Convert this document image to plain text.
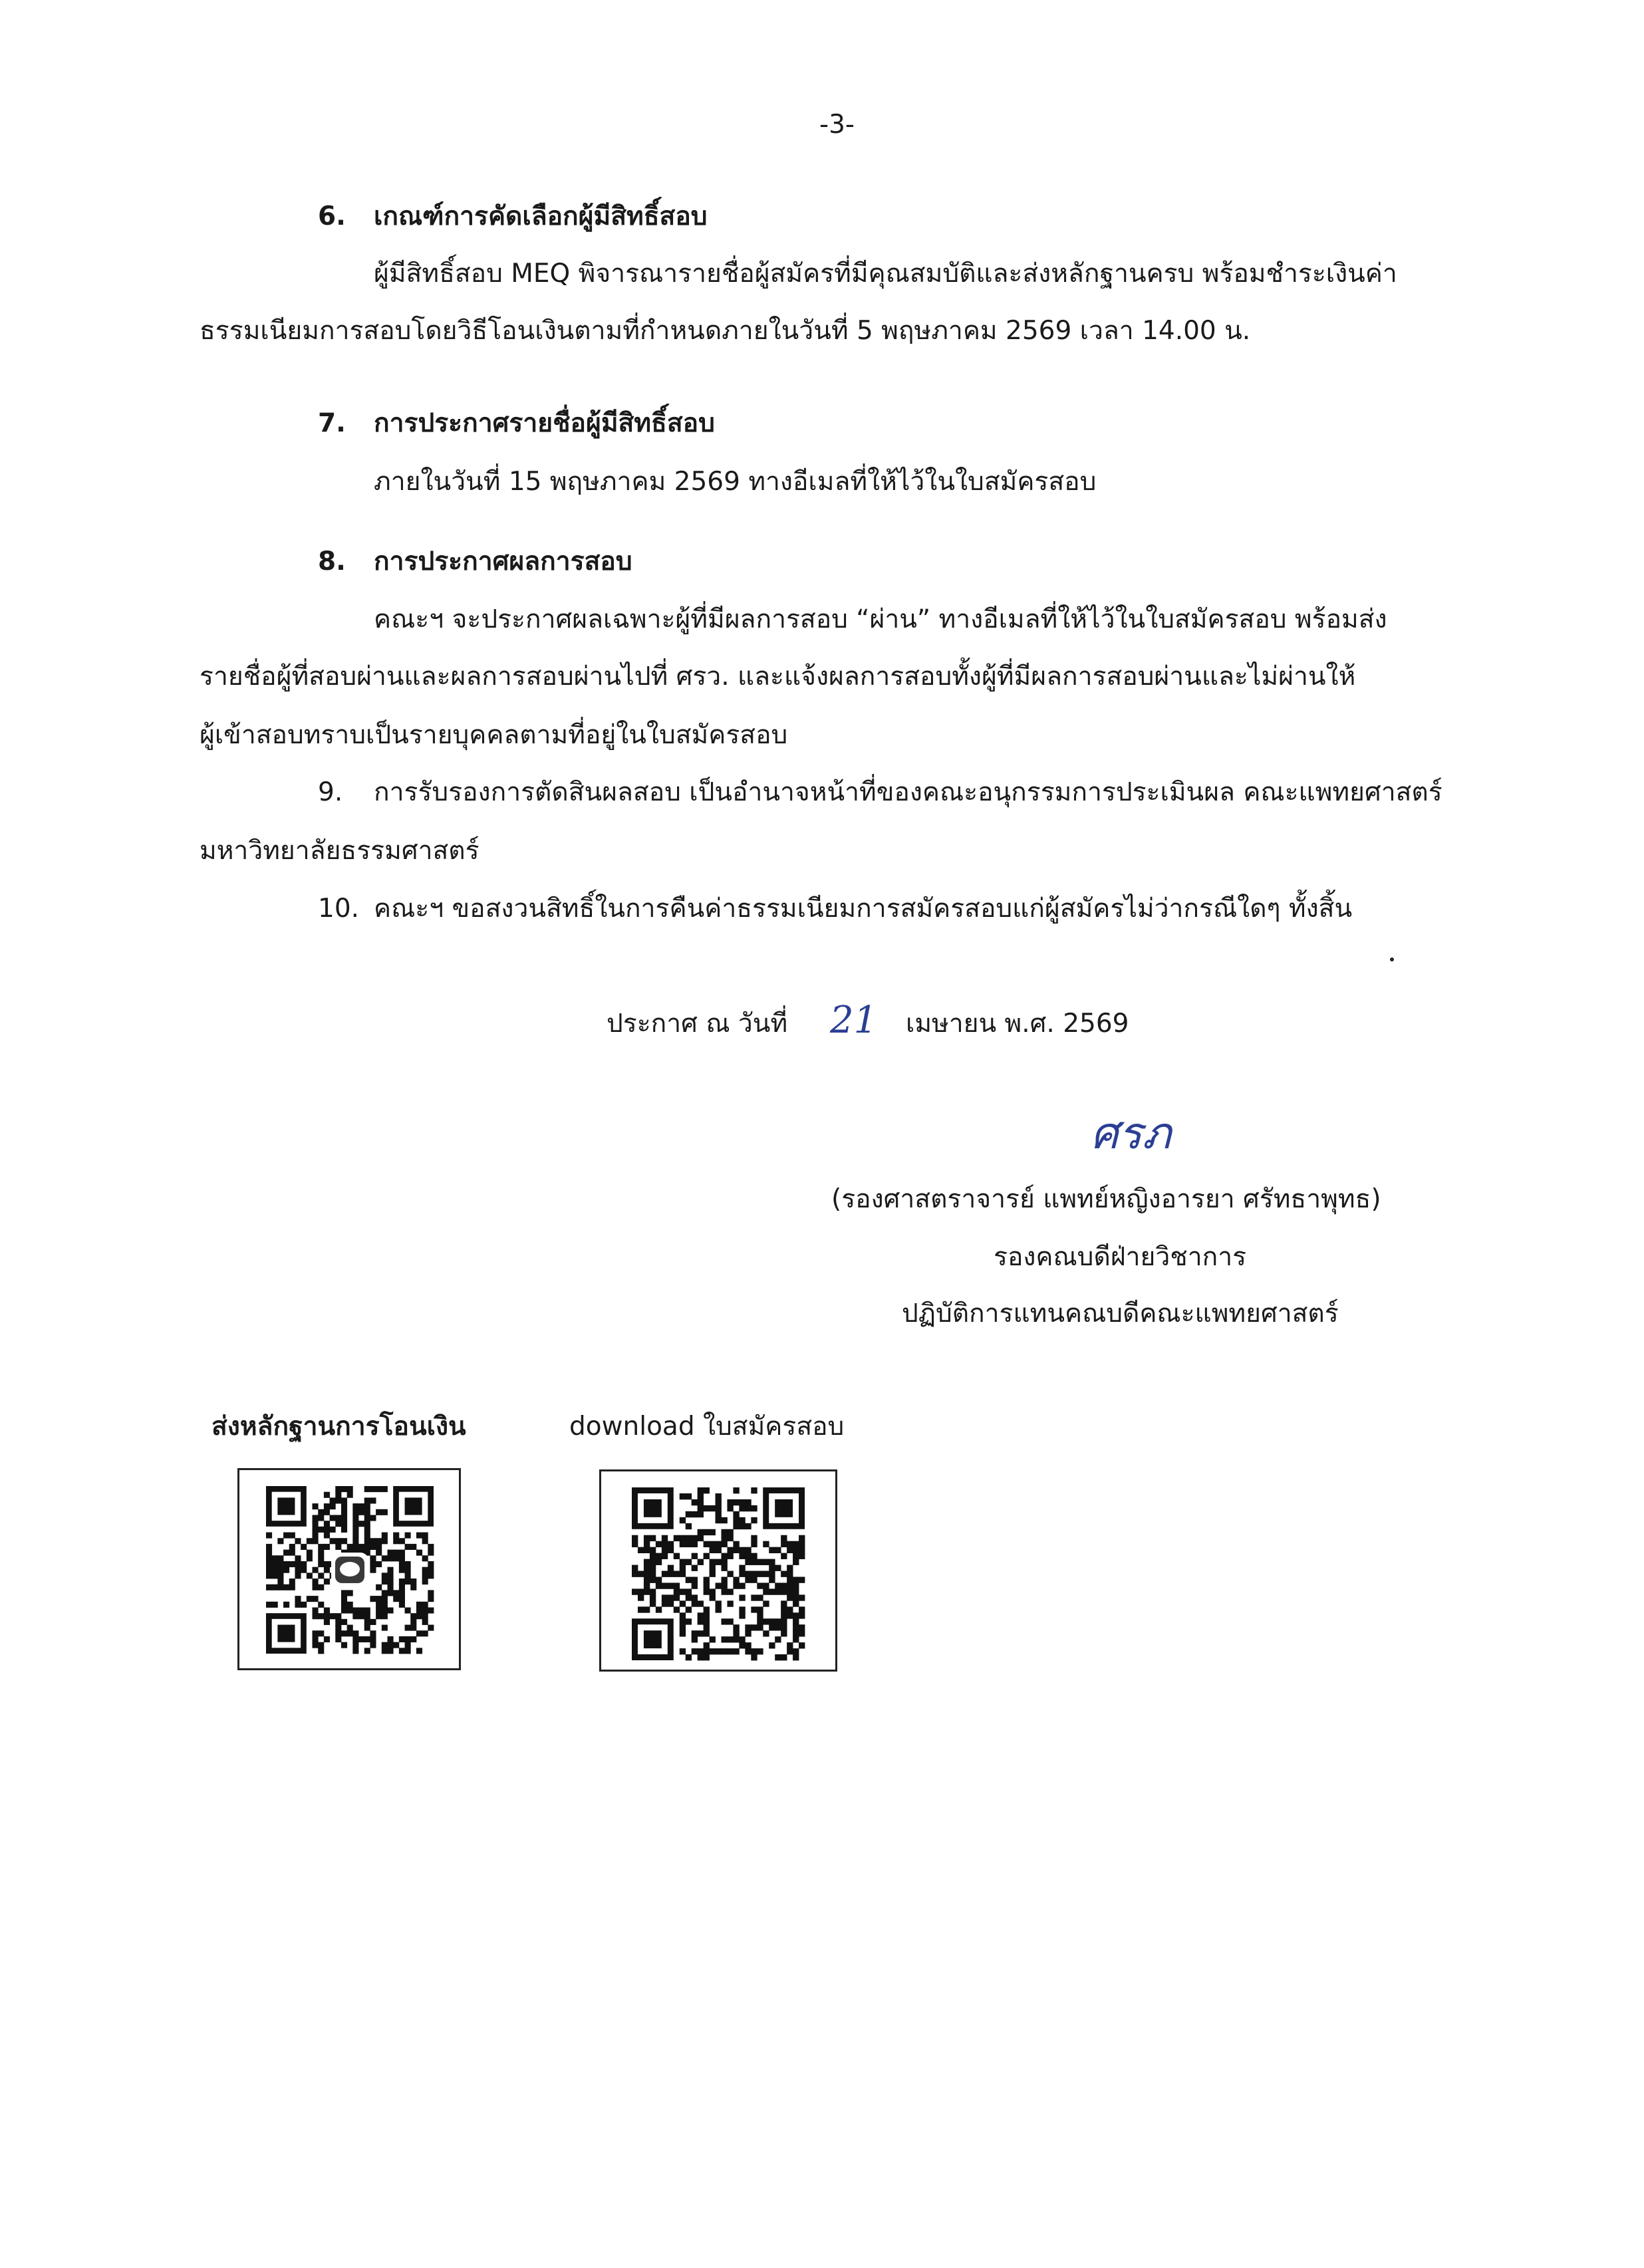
-3-
6. เกณฑ์การคัดเลือกผู้มีสิทธิ์สอบ
ผู้มีสิทธิ์สอบ MEQ พิจารณารายชื่อผู้สมัครที่มีคุณสมบัติและส่งหลักฐานครบ พร้อมชำระเงินค่า
ธรรมเนียมการสอบโดยวิธีโอนเงินตามที่กำหนดภายในวันที่ 5 พฤษภาคม 2569 เวลา 14.00 น.
7. การประกาศรายชื่อผู้มีสิทธิ์สอบ
ภายในวันที่ 15 พฤษภาคม 2569 ทางอีเมลที่ให้ไว้ในใบสมัครสอบ
8. การประกาศผลการสอบ
คณะฯ จะประกาศผลเฉพาะผู้ที่มีผลการสอบ “ผ่าน” ทางอีเมลที่ให้ไว้ในใบสมัครสอบ พร้อมส่ง
รายชื่อผู้ที่สอบผ่านและผลการสอบผ่านไปที่ ศรว. และแจ้งผลการสอบทั้งผู้ที่มีผลการสอบผ่านและไม่ผ่านให้
ผู้เข้าสอบทราบเป็นรายบุคคลตามที่อยู่ในใบสมัครสอบ
9. การรับรองการตัดสินผลสอบ เป็นอำนาจหน้าที่ของคณะอนุกรรมการประเมินผล คณะแพทยศาสตร์
มหาวิทยาลัยธรรมศาสตร์
10. คณะฯ ขอสงวนสิทธิ์ในการคืนค่าธรรมเนียมการสมัครสอบแก่ผู้สมัครไม่ว่ากรณีใดๆ ทั้งสิ้น
ประกาศ ณ วันที่ 21 เมษายน พ.ศ. 2569
ศรภ
(รองศาสตราจารย์ แพทย์หญิงอารยา ศรัทธาพุทธ)
รองคณบดีฝ่ายวิชาการ
ปฏิบัติการแทนคณบดีคณะแพทยศาสตร์
ส่งหลักฐานการโอนเงิน	download ใบสมัครสอบ
